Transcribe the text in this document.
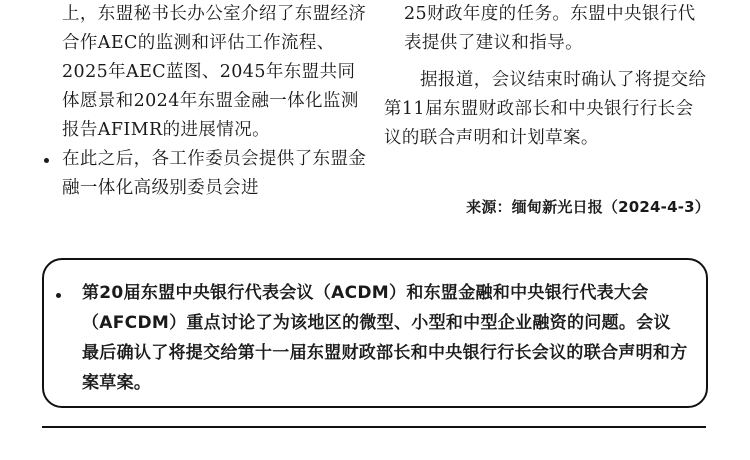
上，东盟秘书长办公室介绍了东盟经济合作AEC的监测和评估工作流程、2025年AEC蓝图、2045年东盟共同体愿景和2024年东盟金融一体化监测报告AFIMR的进展情况。

在此之后，各工作委员会提供了东盟金融一体化高级别委员会进

25财政年度的任务。东盟中央银行代表提供了建议和指导。

据报道，会议结束时确认了将提交给第11届东盟财政部长和中央银行行长会议的联合声明和计划草案。

来源：缅甸新光日报（2024-4-3）

第20届东盟中央银行代表会议（ACDM）和东盟金融和中央银行代表大会（AFCDM）重点讨论了为该地区的微型、小型和中型企业融资的问题。会议最后确认了将提交给第十一届东盟财政部长和中央银行行长会议的联合声明和方案草案。
